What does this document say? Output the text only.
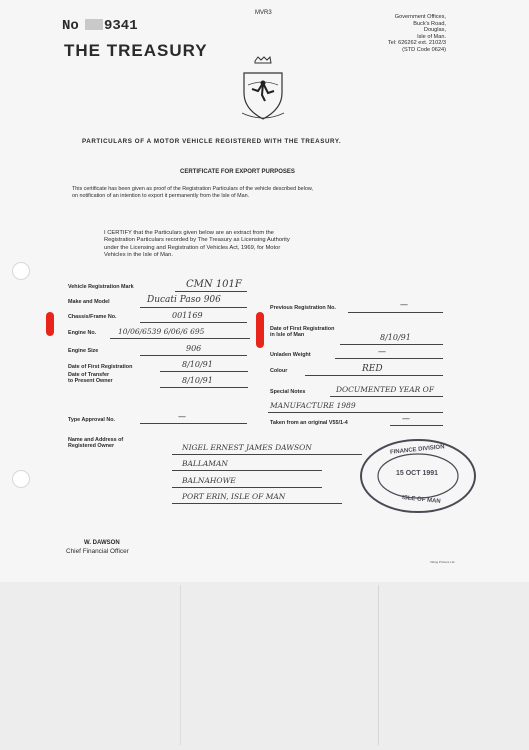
MVR3
No 9341
THE TREASURY
Government Offices,
Buck's Road,
Douglas,
Isle of Man.
Tel: 626262 ext. 2102/3
(STD Code 0624)
PARTICULARS OF A MOTOR VEHICLE REGISTERED WITH THE TREASURY.
CERTIFICATE FOR EXPORT PURPOSES
This certificate has been given as proof of the Registration Particulars of the vehicle described below,
on notification of an intention to export it permanently from the Isle of Man.
I CERTIFY that the Particulars given below are an extract from the
Registration Particulars recorded by The Treasury as Licensing Authority
under the Licensing and Registration of Vehicles Act, 1969, for Motor
Vehicles in the Isle of Man.
Vehicle Registration Mark	CMN 101F
Make and Model	Ducati Paso 906
Chassis/Frame No.	001169
Engine No.	10/06/6539 6/06/6 695
Engine Size	906
Date of First Registration	8/10/91
Date of Transfer
to Present Owner	8/10/91
Type Approval No.	—
Previous Registration No.	—
Date of First Registration
in Isle of Man	8/10/91
Unladen Weight	—
Colour	RED
Special Notes	DOCUMENTED YEAR OF
MANUFACTURE 1989
Taken from an original V55/1-4	—
Name and Address of
Registered Owner	NIGEL ERNEST JAMES DAWSON
BALLAMAN
BALNAHOWE
PORT ERIN, ISLE OF MAN
FINANCE DIVISION
15 OCT 1991
ISLE OF MAN
W. DAWSON
Chief Financial Officer
Viking Printers Ltd.
